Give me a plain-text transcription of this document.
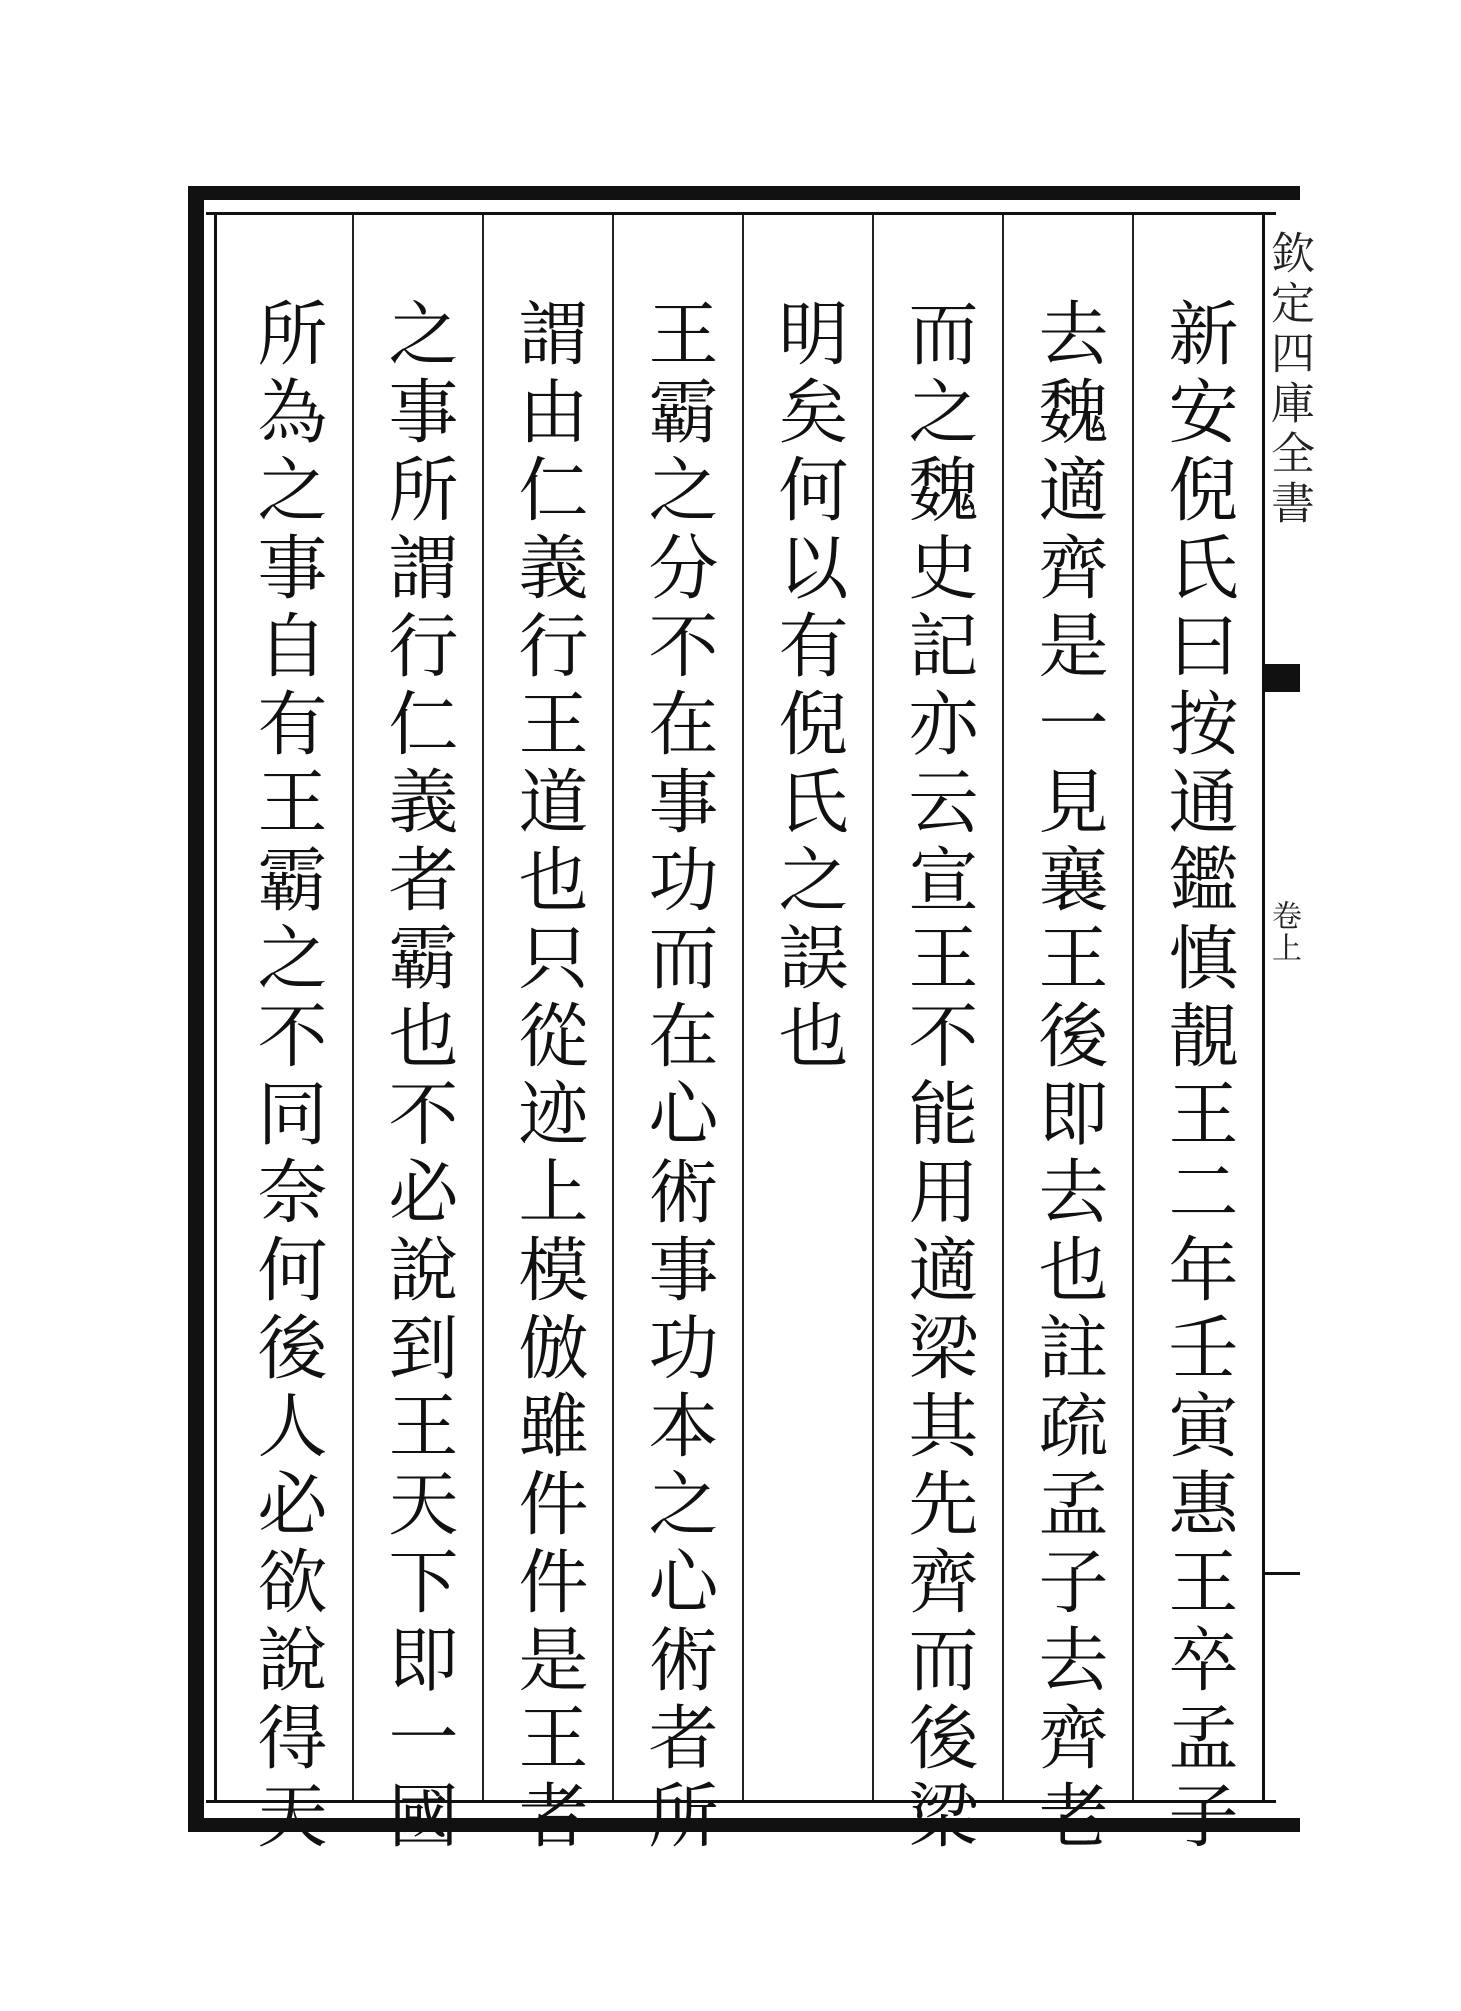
新安倪氏曰按通鑑慎靚王二年壬寅惠王卒孟子
去魏適齊是一見襄王後即去也註疏孟子去齊老
而之魏史記亦云宣王不能用適梁其先齊而後梁
明矣何以有倪氏之誤也
王霸之分不在事功而在心術事功本之心術者所
謂由仁義行王道也只從迹上模倣雖件件是王者
之事所謂行仁義者霸也不必說到王天下即一國
所為之事自有王霸之不同奈何後人必欲說得天	欽定四庫全書
卷上
